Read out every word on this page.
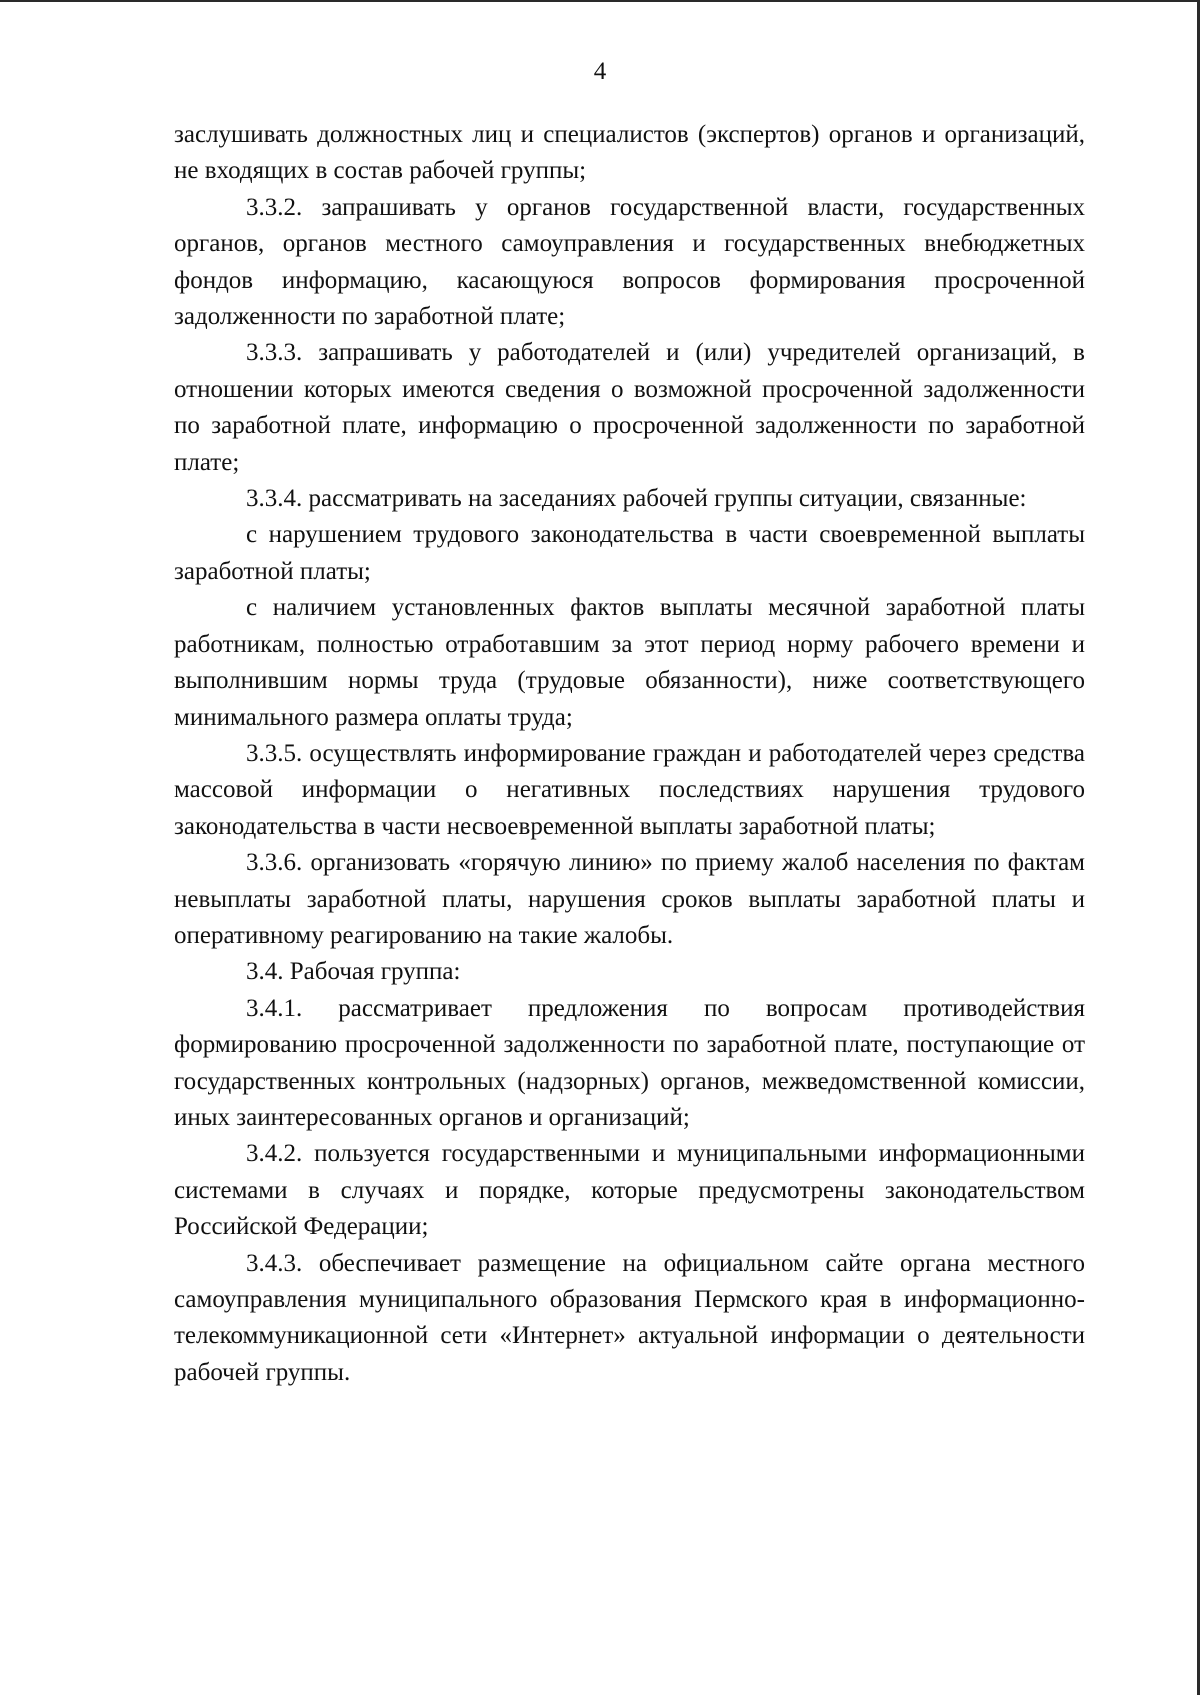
4

заслушивать должностных лиц и специалистов (экспертов) органов и организаций, не входящих в состав рабочей группы;

3.3.2. запрашивать у органов государственной власти, государственных органов, органов местного самоуправления и государственных внебюджетных фондов информацию, касающуюся вопросов формирования просроченной задолженности по заработной плате;

3.3.3. запрашивать у работодателей и (или) учредителей организаций, в отношении которых имеются сведения о возможной просроченной задолженности по заработной плате, информацию о просроченной задолженности по заработной плате;

3.3.4. рассматривать на заседаниях рабочей группы ситуации, связанные:

с нарушением трудового законодательства в части своевременной выплаты заработной платы;

с наличием установленных фактов выплаты месячной заработной платы работникам, полностью отработавшим за этот период норму рабочего времени и выполнившим нормы труда (трудовые обязанности), ниже соответствующего минимального размера оплаты труда;

3.3.5. осуществлять информирование граждан и работодателей через средства массовой информации о негативных последствиях нарушения трудового законодательства в части несвоевременной выплаты заработной платы;

3.3.6. организовать «горячую линию» по приему жалоб населения по фактам невыплаты заработной платы, нарушения сроков выплаты заработной платы и оперативному реагированию на такие жалобы.

3.4. Рабочая группа:

3.4.1. рассматривает предложения по вопросам противодействия формированию просроченной задолженности по заработной плате, поступающие от государственных контрольных (надзорных) органов, межведомственной комиссии, иных заинтересованных органов и организаций;

3.4.2. пользуется государственными и муниципальными информационными системами в случаях и порядке, которые предусмотрены законодательством Российской Федерации;

3.4.3. обеспечивает размещение на официальном сайте органа местного самоуправления муниципального образования Пермского края в информационно-телекоммуникационной сети «Интернет» актуальной информации о деятельности рабочей группы.
